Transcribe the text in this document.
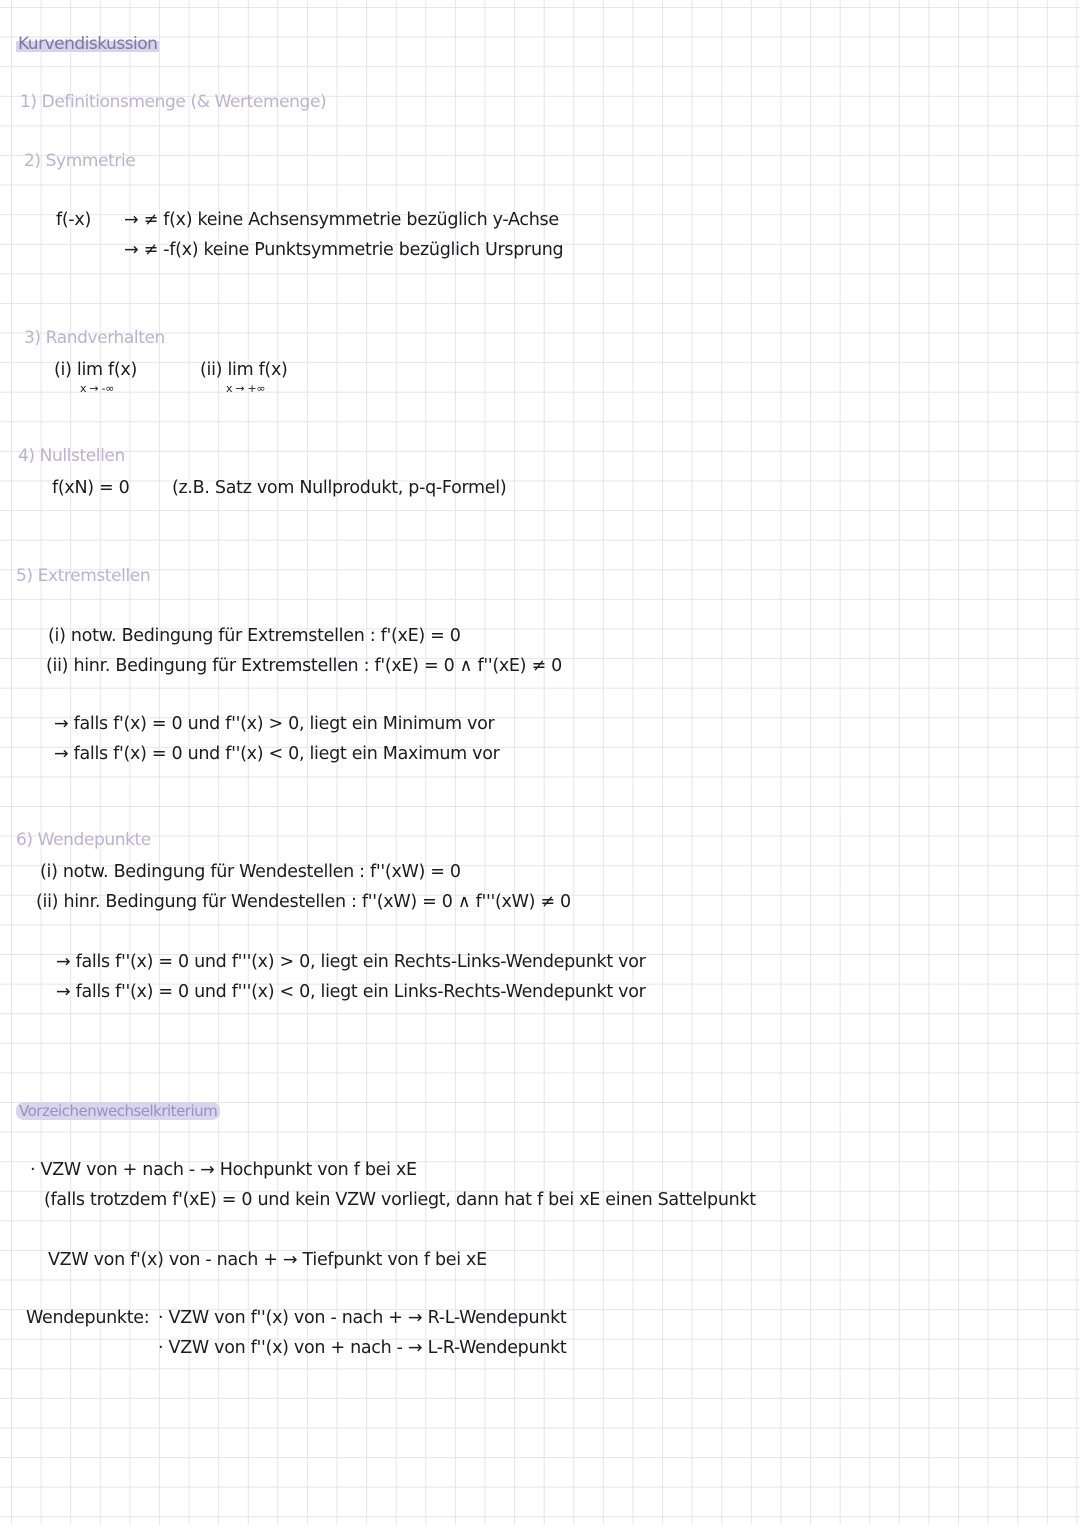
Kurvendiskussion
1) Definitionsmenge (& Wertemenge)
2) Symmetrie
f(-x) → ≠ f(x) keine Achsensymmetrie bezüglich y-Achse
→ ≠ -f(x) keine Punktsymmetrie bezüglich Ursprung
3) Randverhalten
(i) lim f(x)
x → -∞
(ii) lim f(x)
x → +∞
4) Nullstellen
f(xN) = 0 (z.B. Satz vom Nullprodukt, p-q-Formel)
5) Extremstellen
(i) notw. Bedingung für Extremstellen : f'(xE) = 0
(ii) hinr. Bedingung für Extremstellen : f'(xE) = 0 ∧ f''(xE) ≠ 0
→ falls f'(x) = 0 und f''(x) > 0, liegt ein Minimum vor
→ falls f'(x) = 0 und f''(x) < 0, liegt ein Maximum vor
6) Wendepunkte
(i) notw. Bedingung für Wendestellen : f''(xW) = 0
(ii) hinr. Bedingung für Wendestellen : f''(xW) = 0 ∧ f'''(xW) ≠ 0
→ falls f''(x) = 0 und f'''(x) > 0, liegt ein Rechts-Links-Wendepunkt vor
→ falls f''(x) = 0 und f'''(x) < 0, liegt ein Links-Rechts-Wendepunkt vor
Vorzeichenwechselkriterium
· VZW von + nach - → Hochpunkt von f bei xE
(falls trotzdem f'(xE) = 0 und kein VZW vorliegt, dann hat f bei xE einen Sattelpunkt
VZW von f'(x) von - nach + → Tiefpunkt von f bei xE
Wendepunkte: · VZW von f''(x) von - nach + → R-L-Wendepunkt
· VZW von f''(x) von + nach - → L-R-Wendepunkt
